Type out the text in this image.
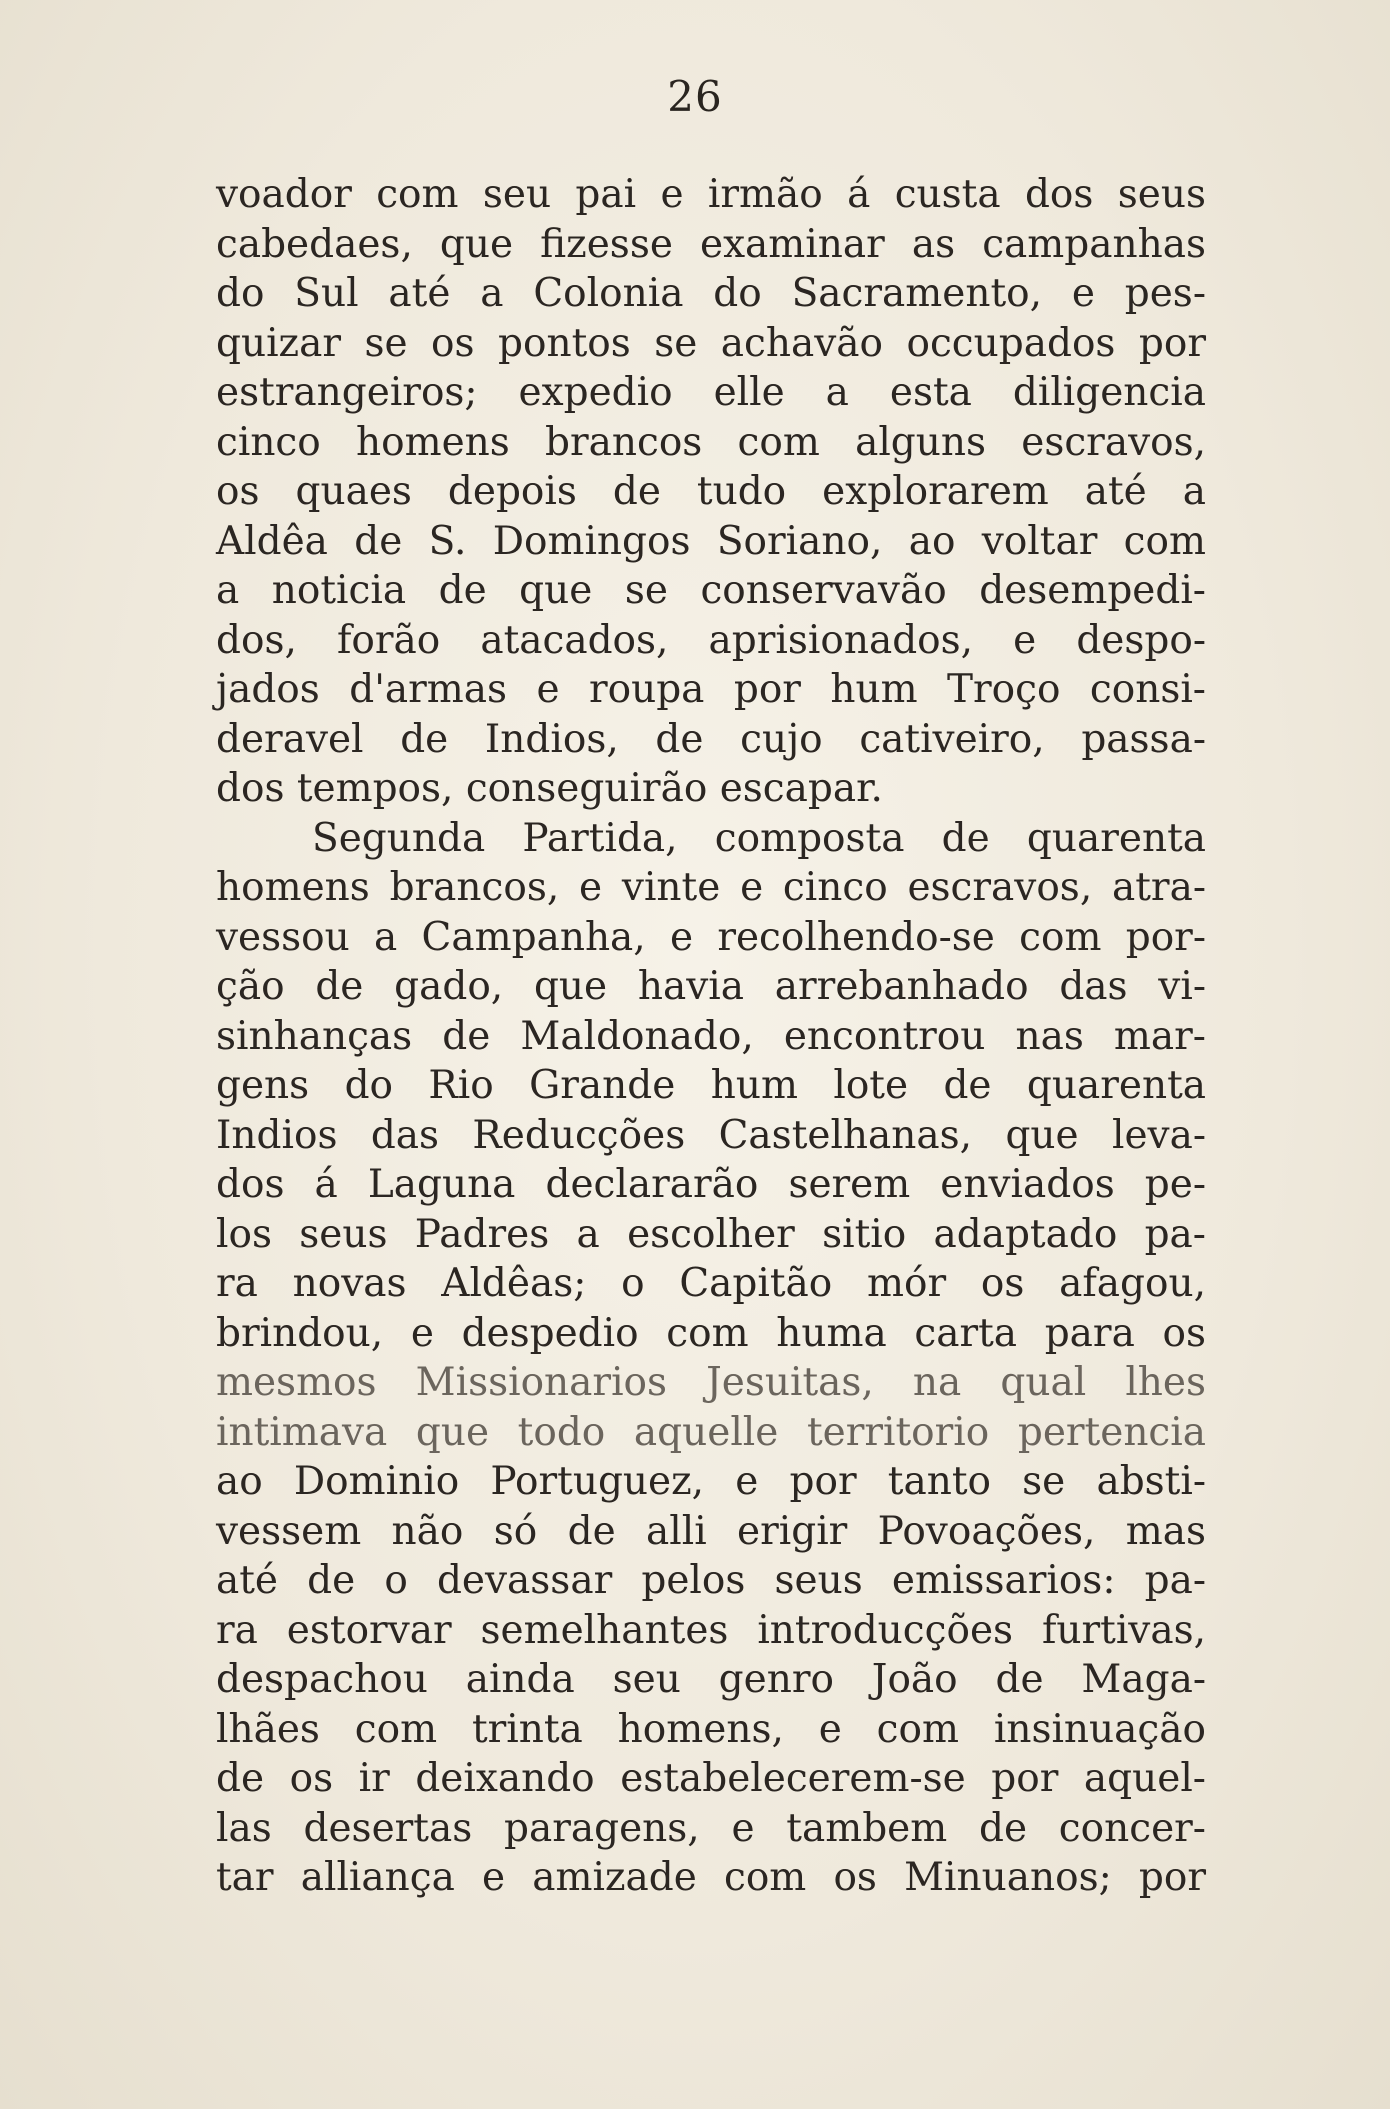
26
voador com seu pai e irmão á custa dos seus
cabedaes, que fizesse examinar as campanhas
do Sul até a Colonia do Sacramento, e pes-
quizar se os pontos se achavão occupados por
estrangeiros; expedio elle a esta diligencia
cinco homens brancos com alguns escravos,
os quaes depois de tudo explorarem até a
Aldêa de S. Domingos Soriano, ao voltar com
a noticia de que se conservavão desempedi-
dos, forão atacados, aprisionados, e despo-
jados d'armas e roupa por hum Troço consi-
deravel de Indios, de cujo cativeiro, passa-
dos tempos, conseguirão escapar.
Segunda Partida, composta de quarenta
homens brancos, e vinte e cinco escravos, atra-
vessou a Campanha, e recolhendo-se com por-
ção de gado, que havia arrebanhado das vi-
sinhanças de Maldonado, encontrou nas mar-
gens do Rio Grande hum lote de quarenta
Indios das Reducções Castelhanas, que leva-
dos á Laguna declararão serem enviados pe-
los seus Padres a escolher sitio adaptado pa-
ra novas Aldêas; o Capitão mór os afagou,
brindou, e despedio com huma carta para os
mesmos Missionarios Jesuitas, na qual lhes
intimava que todo aquelle territorio pertencia
ao Dominio Portuguez, e por tanto se absti-
vessem não só de alli erigir Povoações, mas
até de o devassar pelos seus emissarios: pa-
ra estorvar semelhantes introducções furtivas,
despachou ainda seu genro João de Maga-
lhães com trinta homens, e com insinuação
de os ir deixando estabelecerem-se por aquel-
las desertas paragens, e tambem de concer-
tar alliança e amizade com os Minuanos; por
